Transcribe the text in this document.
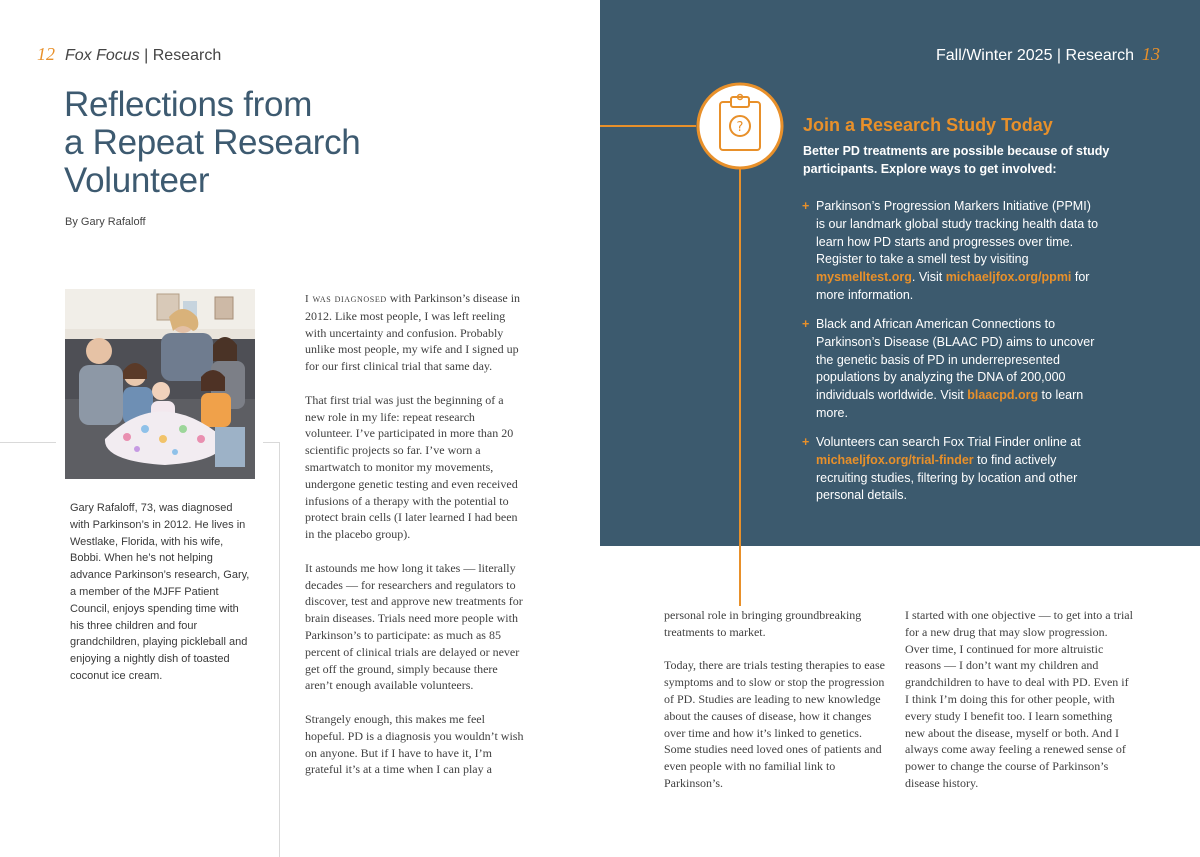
12 Fox Focus | Research
Reflections from
a Repeat Research
Volunteer
By Gary Rafaloff
Gary Rafaloff, 73, was diagnosed with Parkinson’s in 2012. He lives in Westlake, Florida, with his wife, Bobbi. When he’s not helping advance Parkinson’s research, Gary, a member of the MJFF Patient Council, enjoys spending time with his three children and four grandchildren, playing pickleball and enjoying a nightly dish of toasted coconut ice cream.

I was diagnosed with Parkinson’s disease in 2012. Like most people, I was left reeling with uncertainty and confusion. Probably unlike most people, my wife and I signed up for our first clinical trial that same day.

That first trial was just the beginning of a new role in my life: repeat research volunteer. I’ve participated in more than 20 scientific projects so far. I’ve worn a smartwatch to monitor my movements, undergone genetic testing and even received infusions of a therapy with the potential to protect brain cells (I later learned I had been in the placebo group).

It astounds me how long it takes — literally decades — for researchers and regulators to discover, test and approve new treatments for brain diseases. Trials need more people with Parkinson’s to participate: as much as 85 percent of clinical trials are delayed or never get off the ground, simply because there aren’t enough available volunteers.

Strangely enough, this makes me feel hopeful. PD is a diagnosis you wouldn’t wish on anyone. But if I have to have it, I’m grateful it’s at a time when I can play a

Fall/Winter 2025 | Research 13
?	Join a Research Study Today
Better PD treatments are possible because of study participants. Explore ways to get involved:
+ Parkinson’s Progression Markers Initiative (PPMI) is our landmark global study tracking health data to learn how PD starts and progresses over time. Register to take a smell test by visiting mysmelltest.org. Visit michaeljfox.org/ppmi for more information.
+ Black and African American Connections to Parkinson’s Disease (BLAAC PD) aims to uncover the genetic basis of PD in underrepresented populations by analyzing the DNA of 200,000 individuals worldwide. Visit blaacpd.org to learn more.
+ Volunteers can search Fox Trial Finder online at michaeljfox.org/trial-finder to find actively recruiting studies, filtering by location and other personal details.

personal role in bringing groundbreaking treatments to market.

Today, there are trials testing therapies to ease symptoms and to slow or stop the progression of PD. Studies are leading to new knowledge about the causes of disease, how it changes over time and how it’s linked to genetics. Some studies need loved ones of patients and even people with no familial link to Parkinson’s.

I started with one objective — to get into a trial for a new drug that may slow progression. Over time, I continued for more altruistic reasons — I don’t want my children and grandchildren to have to deal with PD. Even if I think I’m doing this for other people, with every study I benefit too. I learn something new about the disease, myself or both. And I always come away feeling a renewed sense of power to change the course of Parkinson’s disease history.
